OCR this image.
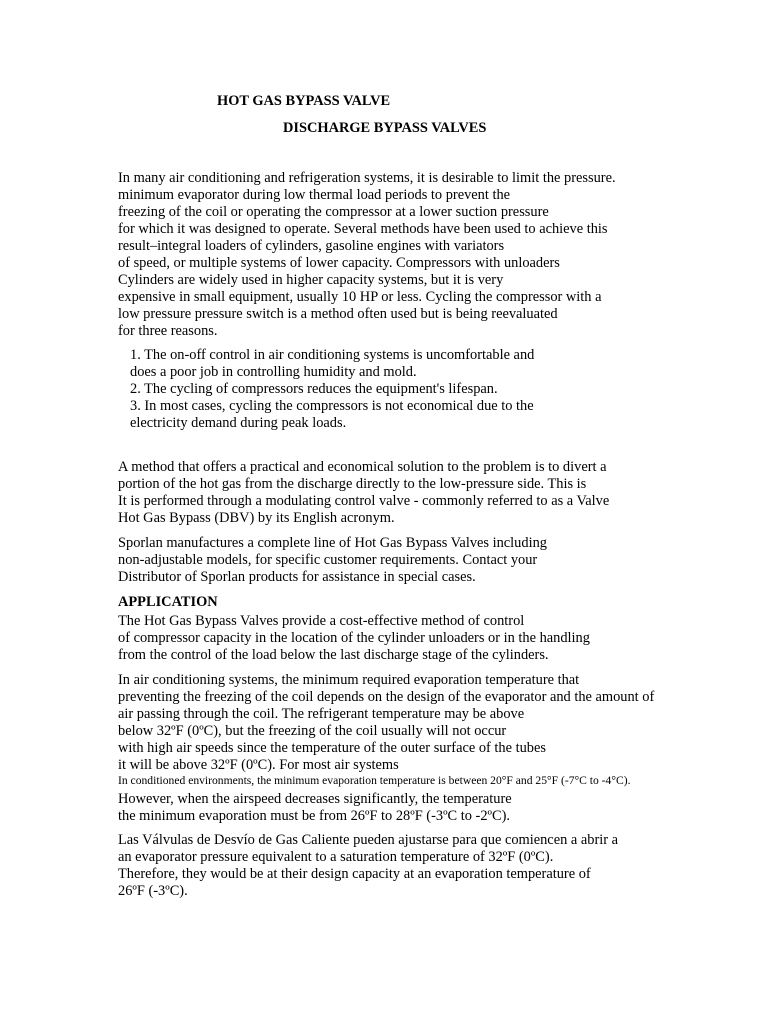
HOT GAS BYPASS VALVE
DISCHARGE BYPASS VALVES
In many air conditioning and refrigeration systems, it is desirable to limit the pressure.
minimum evaporator during low thermal load periods to prevent the
freezing of the coil or operating the compressor at a lower suction pressure
for which it was designed to operate. Several methods have been used to achieve this
result–integral loaders of cylinders, gasoline engines with variators
of speed, or multiple systems of lower capacity. Compressors with unloaders
Cylinders are widely used in higher capacity systems, but it is very
expensive in small equipment, usually 10 HP or less. Cycling the compressor with a
low pressure pressure switch is a method often used but is being reevaluated
for three reasons.
1. The on-off control in air conditioning systems is uncomfortable and
does a poor job in controlling humidity and mold.
2. The cycling of compressors reduces the equipment's lifespan.
3. In most cases, cycling the compressors is not economical due to the
electricity demand during peak loads.
A method that offers a practical and economical solution to the problem is to divert a
portion of the hot gas from the discharge directly to the low-pressure side. This is
It is performed through a modulating control valve - commonly referred to as a Valve
Hot Gas Bypass (DBV) by its English acronym.
Sporlan manufactures a complete line of Hot Gas Bypass Valves including
non-adjustable models, for specific customer requirements. Contact your
Distributor of Sporlan products for assistance in special cases.
APPLICATION
The Hot Gas Bypass Valves provide a cost-effective method of control
of compressor capacity in the location of the cylinder unloaders or in the handling
from the control of the load below the last discharge stage of the cylinders.
In air conditioning systems, the minimum required evaporation temperature that
preventing the freezing of the coil depends on the design of the evaporator and the amount of
air passing through the coil. The refrigerant temperature may be above
below 32ºF (0ºC), but the freezing of the coil usually will not occur
with high air speeds since the temperature of the outer surface of the tubes
it will be above 32ºF (0ºC). For most air systems
In conditioned environments, the minimum evaporation temperature is between 20°F and 25°F (-7°C to -4°C).
However, when the airspeed decreases significantly, the temperature
the minimum evaporation must be from 26ºF to 28ºF (-3ºC to -2ºC).
Las Válvulas de Desvío de Gas Caliente pueden ajustarse para que comiencen a abrir a
an evaporator pressure equivalent to a saturation temperature of 32ºF (0ºC).
Therefore, they would be at their design capacity at an evaporation temperature of
26ºF (-3ºC).
